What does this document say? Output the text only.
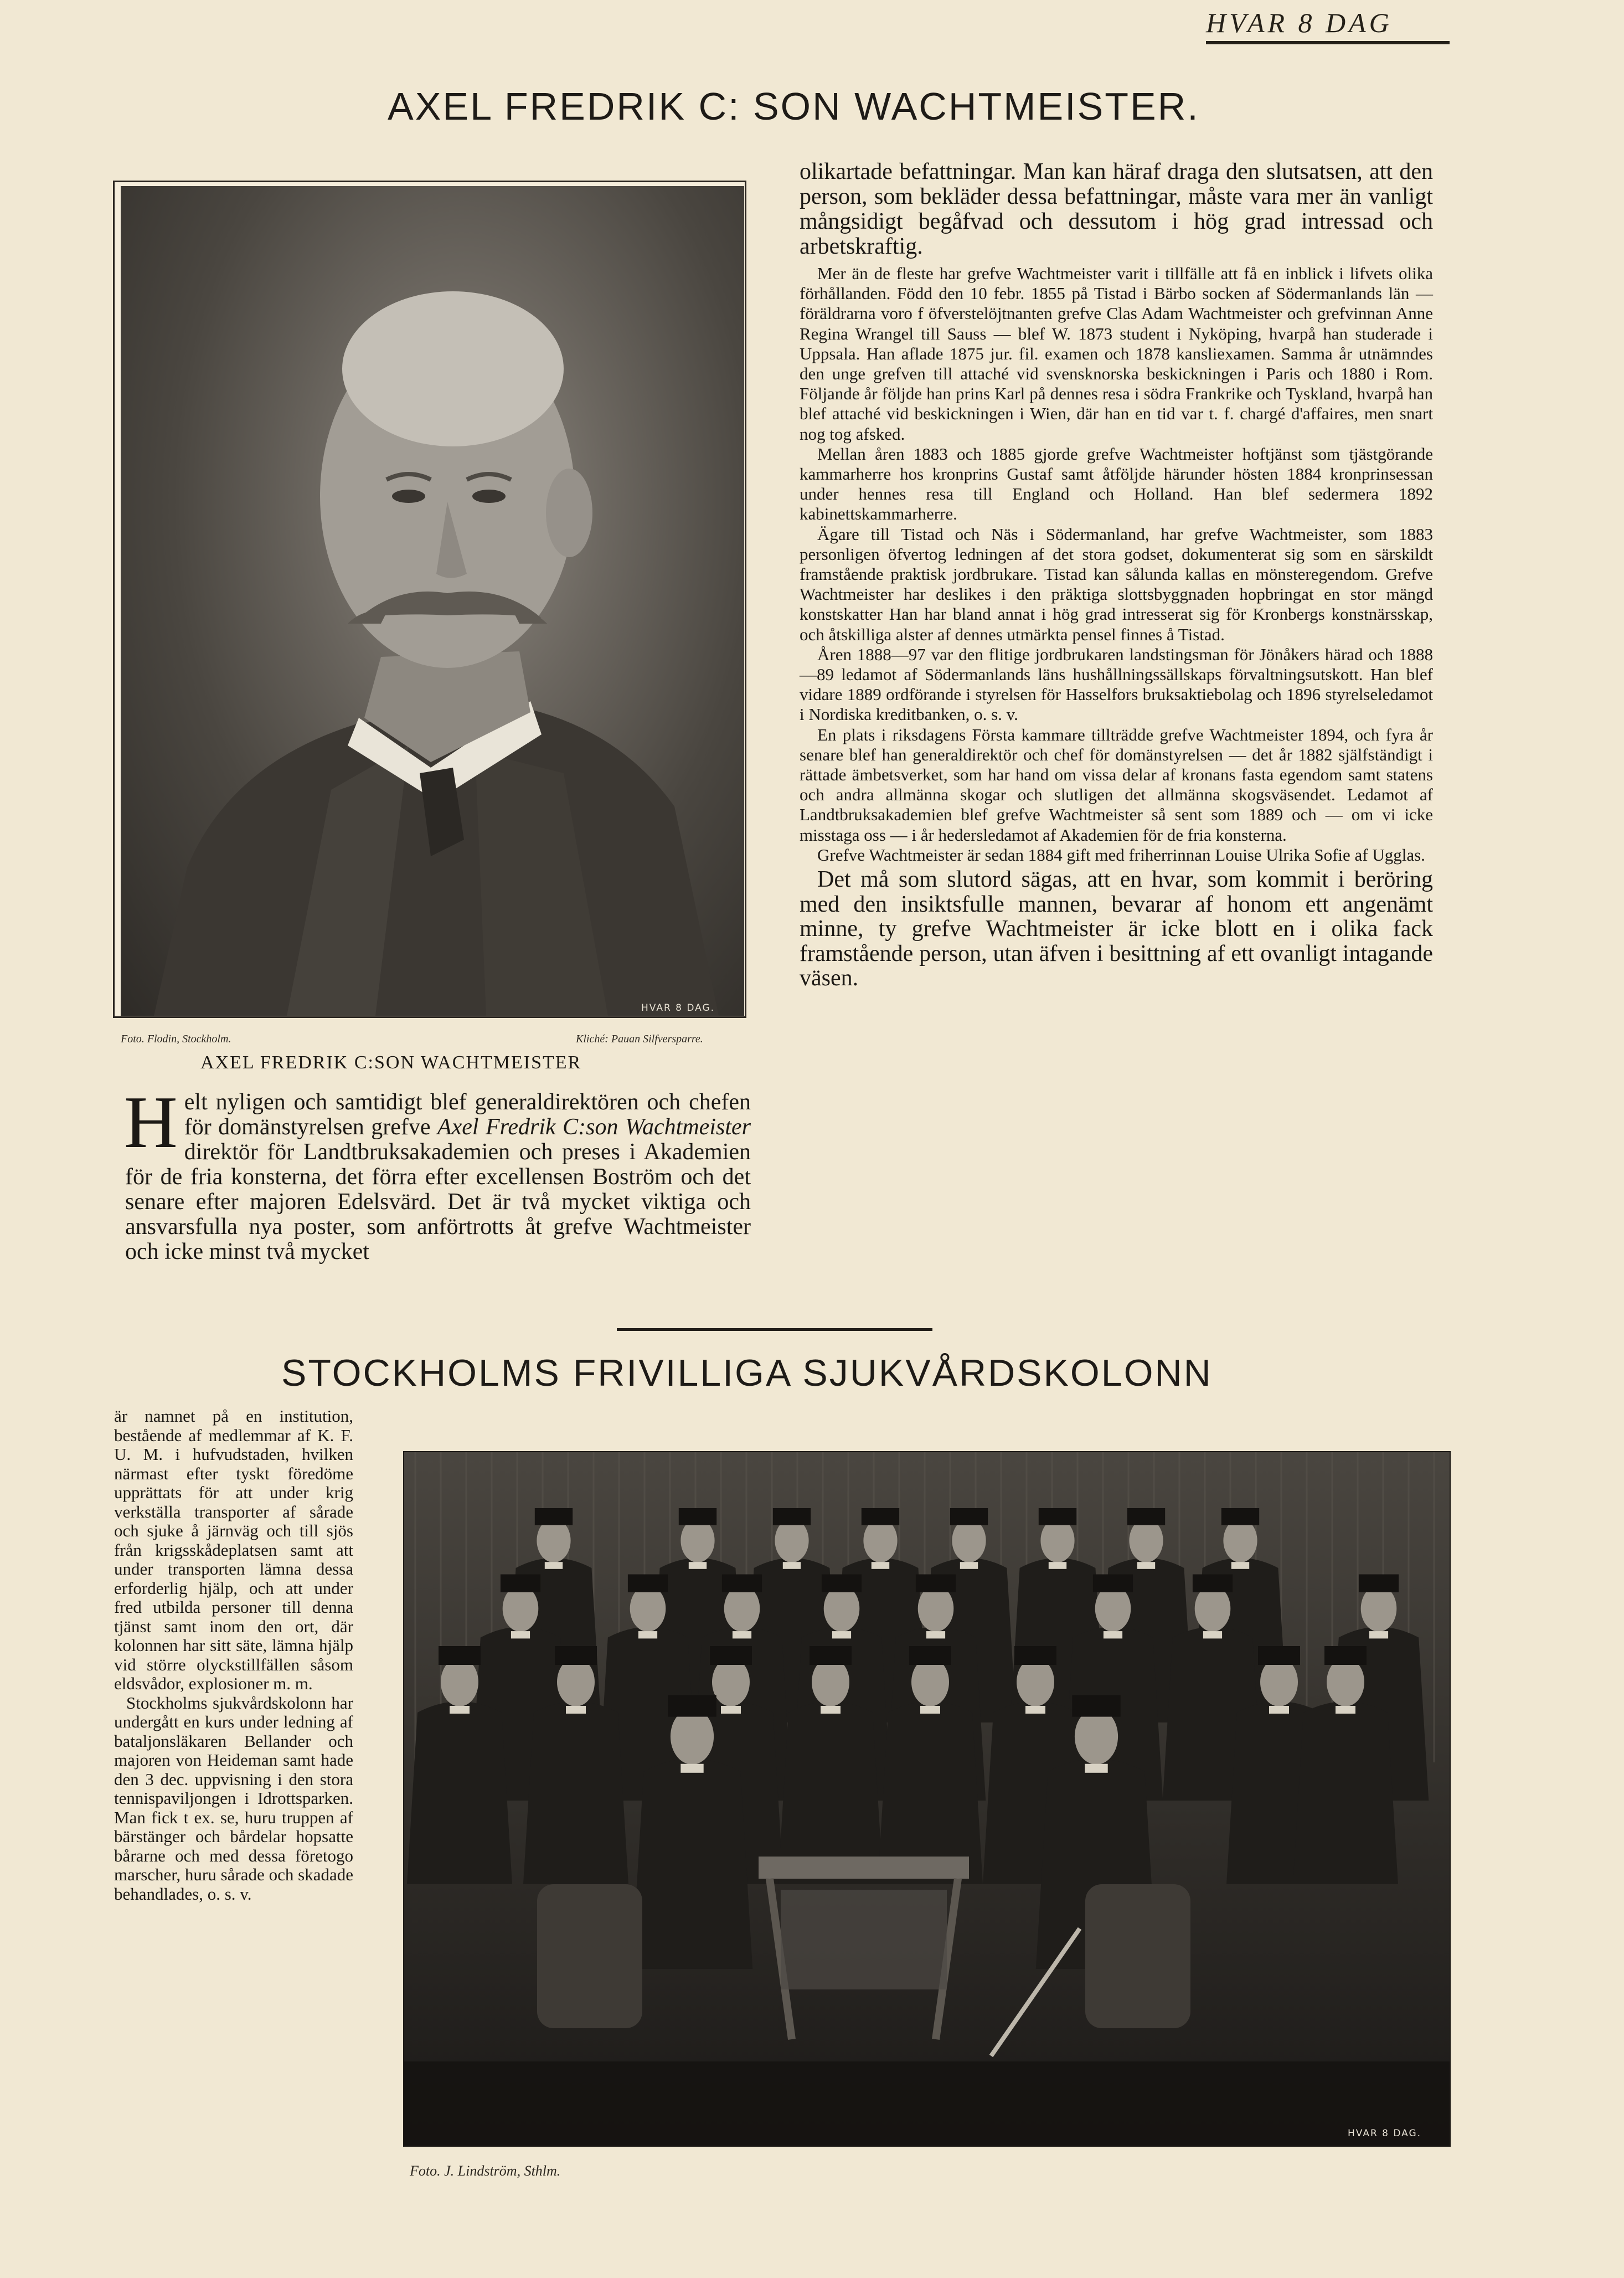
HVAR 8 DAG
AXEL FREDRIK C: SON WACHTMEISTER.
HVAR 8 DAG.
Foto. Flodin, Stockholm.	Kliché: Pauan Silfversparre.
AXEL FREDRIK C:SON WACHTMEISTER

Helt nyligen och samtidigt blef generaldirektören och chefen för domänstyrelsen grefve Axel Fredrik C:son Wachtmeister direktör för Landtbruksakademien och preses i Akademien för de fria konsterna, det förra efter excellensen Boström och det senare efter majoren Edelsvärd. Det är två mycket viktiga och ansvarsfulla nya poster, som anförtrotts åt grefve Wachtmeister och icke minst två mycket

olikartade befattningar. Man kan häraf draga den slutsatsen, att den person, som bekläder dessa befattningar, måste vara mer än vanligt mångsidigt begåfvad och dessutom i hög grad intressad och arbetskraftig.

Mer än de fleste har grefve Wachtmeister varit i tillfälle att få en inblick i lifvets olika förhållanden. Född den 10 febr. 1855 på Tistad i Bärbo socken af Södermanlands län — föräldrarna voro f öfverstelöjtnanten grefve Clas Adam Wachtmeister och grefvinnan Anne Regina Wrangel till Sauss — blef W. 1873 student i Nyköping, hvarpå han studerade i Uppsala. Han aflade 1875 jur. fil. examen och 1878 kansliexamen. Samma år utnämndes den unge grefven till attaché vid svensknorska beskickningen i Paris och 1880 i Rom. Följande år följde han prins Karl på dennes resa i södra Frankrike och Tyskland, hvarpå han blef attaché vid beskickningen i Wien, där han en tid var t. f. chargé d'affaires, men snart nog tog afsked.

Mellan åren 1883 och 1885 gjorde grefve Wachtmeister hoftjänst som tjästgörande kammarherre hos kronprins Gustaf samt åtföljde härunder hösten 1884 kronprinsessan under hennes resa till England och Holland. Han blef sedermera 1892 kabinettskammarherre.

Ägare till Tistad och Näs i Södermanland, har grefve Wachtmeister, som 1883 personligen öfvertog ledningen af det stora godset, dokumenterat sig som en särskildt framstående praktisk jordbrukare. Tistad kan sålunda kallas en mönsteregendom. Grefve Wachtmeister har deslikes i den präktiga slottsbyggnaden hopbringat en stor mängd konstskatter Han har bland annat i hög grad intresserat sig för Kronbergs konstnärsskap, och åtskilliga alster af dennes utmärkta pensel finnes å Tistad.

Åren 1888—97 var den flitige jordbrukaren landstingsman för Jönåkers härad och 1888—89 ledamot af Södermanlands läns hushållningssällskaps förvaltningsutskott. Han blef vidare 1889 ordförande i styrelsen för Hasselfors bruksaktiebolag och 1896 styrelseledamot i Nordiska kreditbanken, o. s. v.

En plats i riksdagens Första kammare tillträdde grefve Wachtmeister 1894, och fyra år senare blef han generaldirektör och chef för domänstyrelsen — det år 1882 själfständigt i rättade ämbetsverket, som har hand om vissa delar af kronans fasta egendom samt statens och andra allmänna skogar och slutligen det allmänna skogsväsendet. Ledamot af Landtbruksakademien blef grefve Wachtmeister så sent som 1889 och — om vi icke misstaga oss — i år hedersledamot af Akademien för de fria konsterna.

Grefve Wachtmeister är sedan 1884 gift med friherrinnan Louise Ulrika Sofie af Ugglas.

Det må som slutord sägas, att en hvar, som kommit i beröring med den insiktsfulle mannen, bevarar af honom ett angenämt minne, ty grefve Wachtmeister är icke blott en i olika fack framstående person, utan äfven i besittning af ett ovanligt intagande väsen.

STOCKHOLMS FRIVILLIGA SJUKVÅRDSKOLONN

är namnet på en institution, bestående af medlemmar af K. F. U. M. i hufvudstaden, hvilken närmast efter tyskt föredöme upprättats för att under krig verkställa transporter af sårade och sjuke å järnväg och till sjös från krigsskådeplatsen samt att under transporten lämna dessa erforderlig hjälp, och att under fred utbilda personer till denna tjänst samt inom den ort, där kolonnen har sitt säte, lämna hjälp vid större olyckstillfällen såsom eldsvådor, explosioner m. m.

Stockholms sjukvårdskolonn har undergått en kurs under ledning af bataljonsläkaren Bellander och majoren von Heideman samt hade den 3 dec. uppvisning i den stora tennispaviljongen i Idrottsparken. Man fick t ex. se, huru truppen af bärstänger och bårdelar hopsatte bårarne och med dessa företogo marscher, huru sårade och skadade behandlades, o. s. v.

HVAR 8 DAG.
Foto. J. Lindström, Sthlm.
